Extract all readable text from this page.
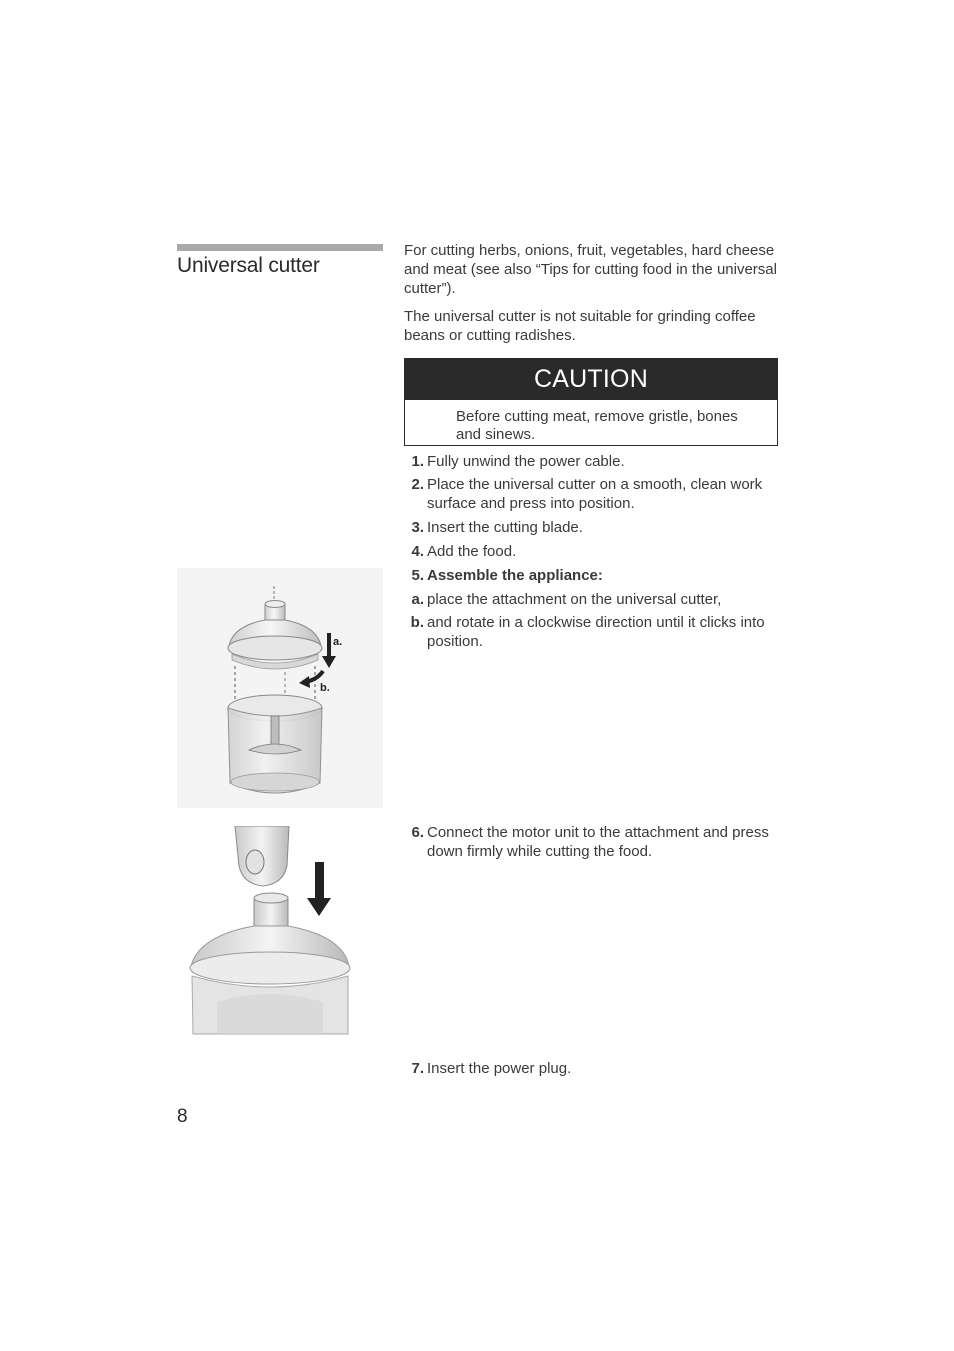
Universal cutter
For cutting herbs, onions, fruit, vegetables, hard cheese and meat (see also “Tips for cutting food in the universal cutter”).
The universal cutter is not suitable for grinding coffee beans or cutting radishes.
CAUTION
Before cutting meat, remove gristle, bones and sinews.
1. Fully unwind the power cable.
2. Place the universal cutter on a smooth, clean work surface and press into position.
3. Insert the cutting blade.
4. Add the food.
5. Assemble the appliance:
a. place the attachment on the universal cutter,
b. and rotate in a clockwise direction until it clicks into position.
6. Connect the motor unit to the attachment and press down firmly while cutting the food.
7. Insert the power plug.
a.
b.
8
